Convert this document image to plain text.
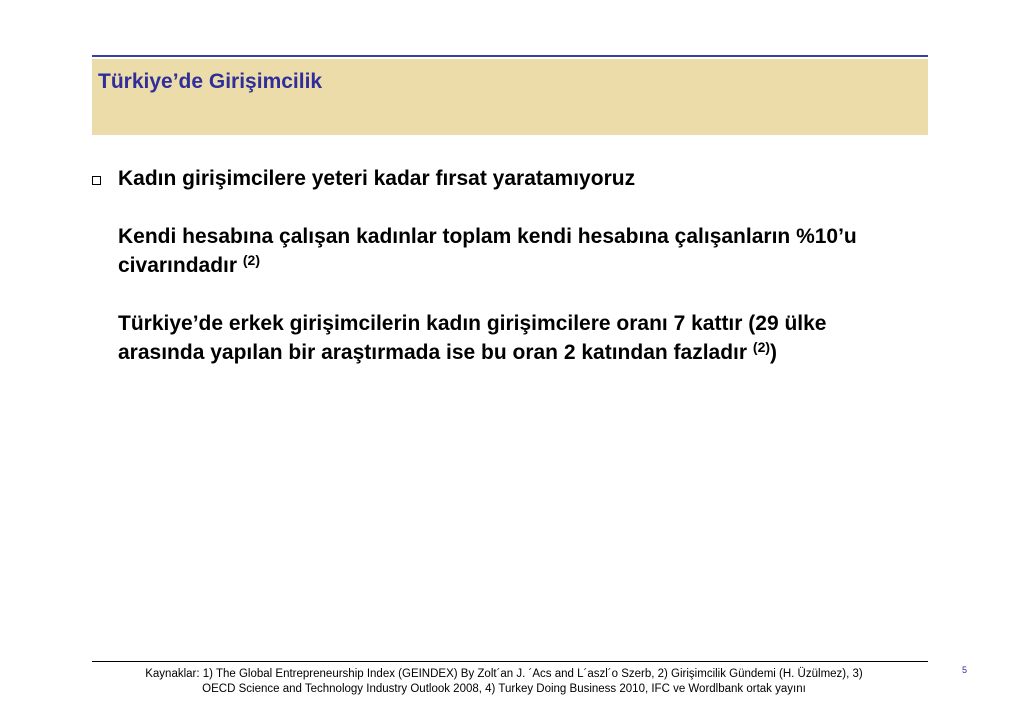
Türkiye’de Girişimcilik

Kadın girişimcilere yeteri kadar fırsat yaratamıyoruz

Kendi hesabına çalışan kadınlar toplam kendi hesabına çalışanların %10’u civarındadır $^{(2)}$

Türkiye’de erkek girişimcilerin kadın girişimcilere oranı 7 kattır (29 ülke arasında yapılan bir araştırmada ise bu oran 2 katından fazladır $^{(2)}$)

Kaynaklar: 1) The Global Entrepreneurship Index (GEINDEX) By Zolt´an J. ´Acs and L´aszl´o Szerb, 2) Girişimcilik Gündemi (H. Üzülmez), 3)
OECD Science and Technology Industry Outlook 2008, 4) Turkey Doing Business 2010, IFC ve Wordlbank ortak yayını
5
